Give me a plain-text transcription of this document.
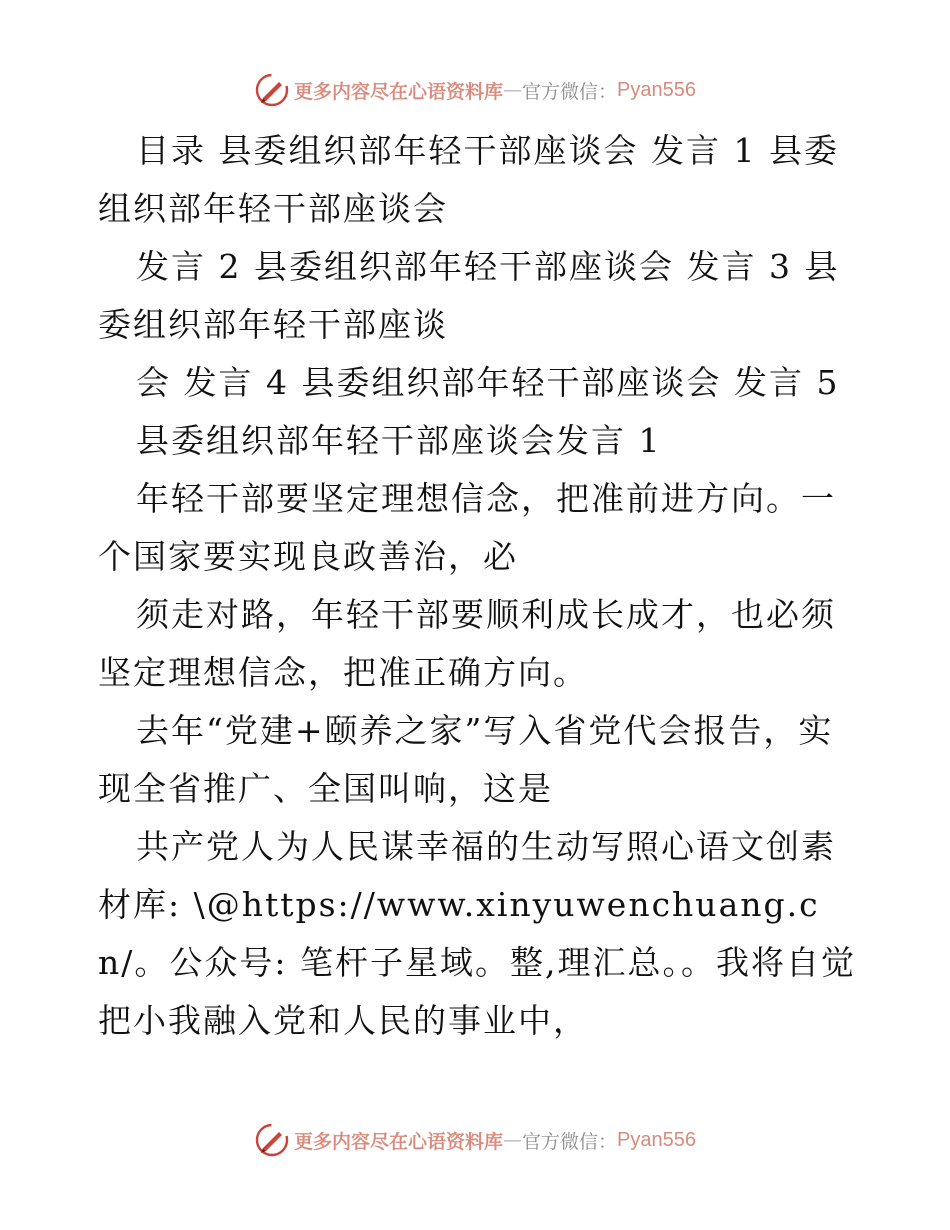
更多内容尽在心语资料库 — 官方微信： Pyan556

目录 县委组织部年轻干部座谈会 发言 1 县委组织部年轻干部座谈会

发言 2 县委组织部年轻干部座谈会 发言 3 县委组织部年轻干部座谈

会 发言 4 县委组织部年轻干部座谈会 发言 5

县委组织部年轻干部座谈会发言 1

年轻干部要坚定理想信念，把准前进方向。一个国家要实现良政善治，必

须走对路，年轻干部要顺利成长成才，也必须坚定理想信念，把准正确方向。

去年“党建+颐养之家”写入省党代会报告，实现全省推广、全国叫响，这是

共产党人为人民谋幸福的生动写照心语文创素材库: \@https://www.xinyuwenchuang.cn/。公众号: 笔杆子星域。整,理汇总。。我将自觉把小我融入党和人民的事业中，

更多内容尽在心语资料库 — 官方微信： Pyan556
